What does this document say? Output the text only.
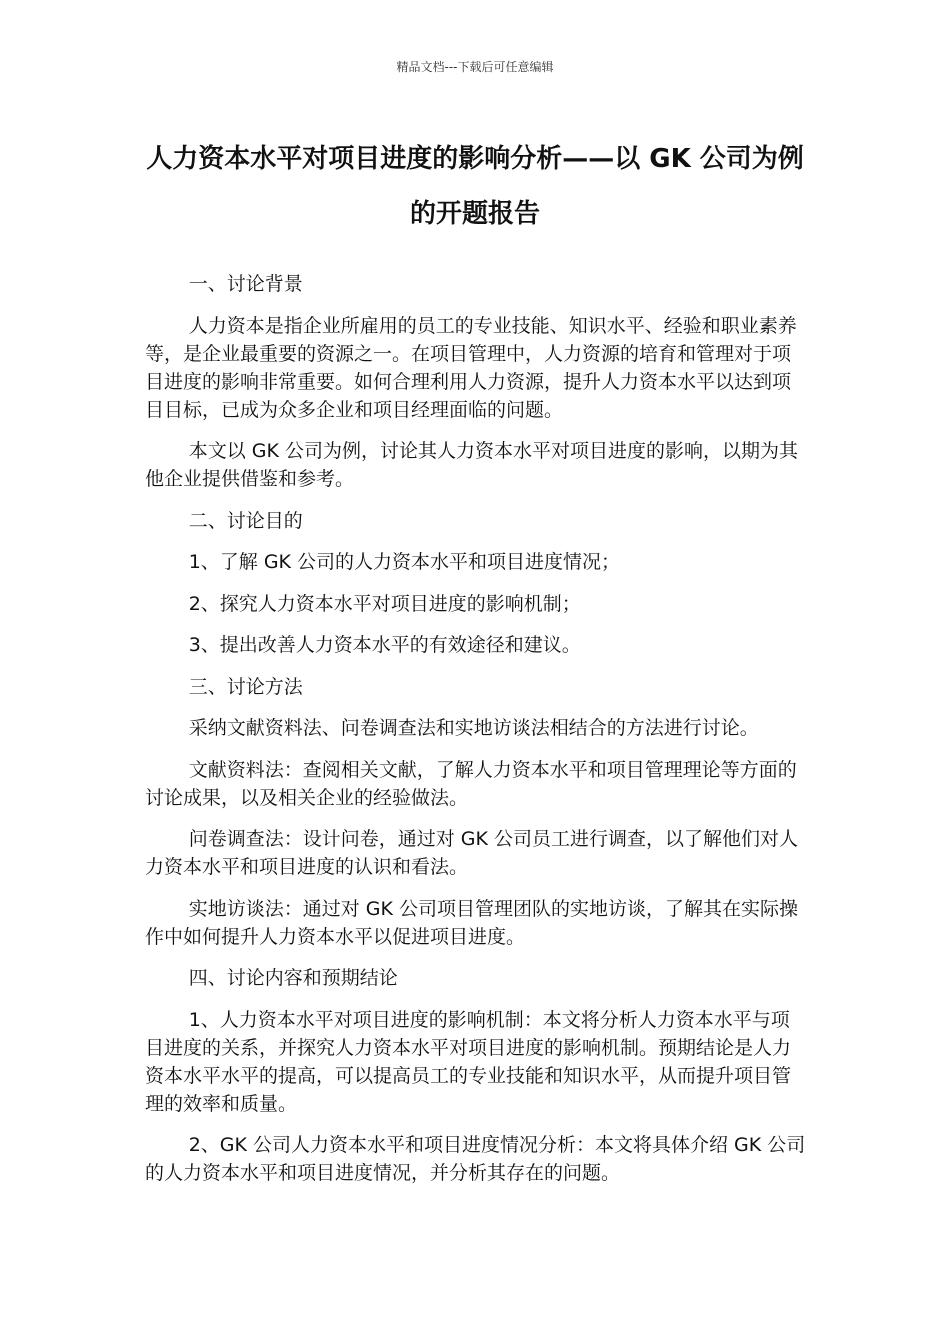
精品文档---下载后可任意编辑
人力资本水平对项目进度的影响分析——以 GK 公司为例的开题报告

一、讨论背景

人力资本是指企业所雇用的员工的专业技能、知识水平、经验和职业素养等，是企业最重要的资源之一。在项目管理中，人力资源的培育和管理对于项目进度的影响非常重要。如何合理利用人力资源，提升人力资本水平以达到项目目标，已成为众多企业和项目经理面临的问题。

本文以 GK 公司为例，讨论其人力资本水平对项目进度的影响，以期为其他企业提供借鉴和参考。

二、讨论目的

1、了解 GK 公司的人力资本水平和项目进度情况；

2、探究人力资本水平对项目进度的影响机制；

3、提出改善人力资本水平的有效途径和建议。

三、讨论方法

采纳文献资料法、问卷调查法和实地访谈法相结合的方法进行讨论。

文献资料法：查阅相关文献，了解人力资本水平和项目管理理论等方面的讨论成果，以及相关企业的经验做法。

问卷调查法：设计问卷，通过对 GK 公司员工进行调查，以了解他们对人力资本水平和项目进度的认识和看法。

实地访谈法：通过对 GK 公司项目管理团队的实地访谈，了解其在实际操作中如何提升人力资本水平以促进项目进度。

四、讨论内容和预期结论

1、人力资本水平对项目进度的影响机制：本文将分析人力资本水平与项目进度的关系，并探究人力资本水平对项目进度的影响机制。预期结论是人力资本水平水平的提高，可以提高员工的专业技能和知识水平，从而提升项目管理的效率和质量。

2、GK 公司人力资本水平和项目进度情况分析：本文将具体介绍 GK 公司的人力资本水平和项目进度情况，并分析其存在的问题。
